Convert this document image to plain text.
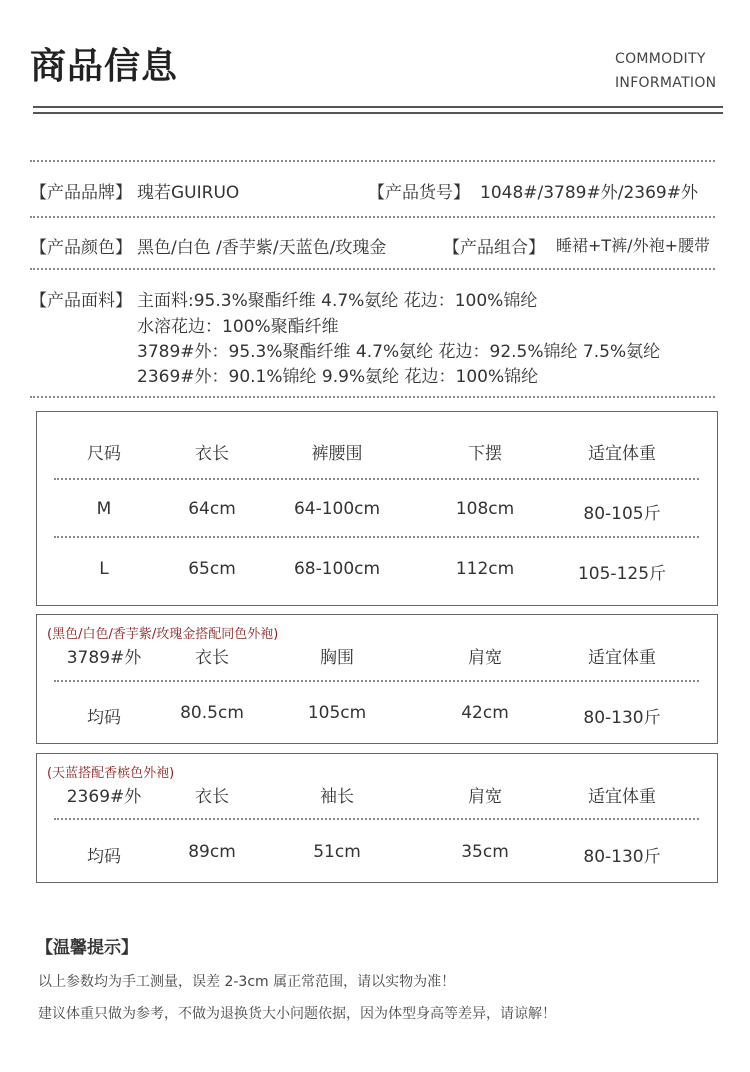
商品信息	COMMODITY
INFORMATION
【产品品牌】 瑰若GUIRUO	【产品货号】 1048#/3789#外/2369#外
【产品颜色】 黑色/白色 /香芋紫/天蓝色/玫瑰金	【产品组合】 睡裙+T裤/外袍+腰带
【产品面料】 主面料:95.3%聚酯纤维 4.7%氨纶 花边：100%锦纶
水溶花边：100%聚酯纤维
3789#外：95.3%聚酯纤维 4.7%氨纶 花边：92.5%锦纶 7.5%氨纶
2369#外：90.1%锦纶 9.9%氨纶 花边：100%锦纶
尺码	衣长	裤腰围	下摆	适宜体重
M	64cm	64-100cm	108cm	80-105斤
L	65cm	68-100cm	112cm	105-125斤
(黑色/白色/香芋紫/玫瑰金搭配同色外袍)
3789#外	衣长	胸围	肩宽	适宜体重
均码	80.5cm	105cm	42cm	80-130斤
(天蓝搭配香槟色外袍)
2369#外	衣长	袖长	肩宽	适宜体重
均码	89cm	51cm	35cm	80-130斤
【温馨提示】
以上参数均为手工测量，误差 2-3cm 属正常范围，请以实物为准！
建议体重只做为参考，不做为退换货大小问题依据，因为体型身高等差异，请谅解！
